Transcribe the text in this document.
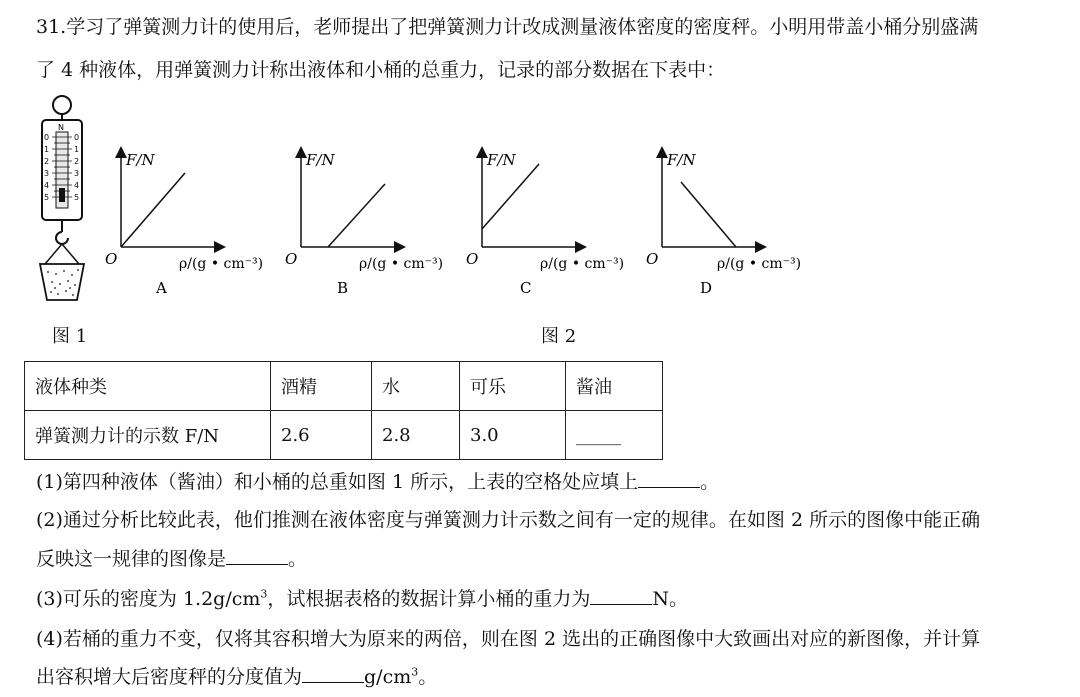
31.学习了弹簧测力计的使用后，老师提出了把弹簧测力计改成测量液体密度的密度秤。小明用带盖小桶分别盛满
了 4 种液体，用弹簧测力计称出液体和小桶的总重力，记录的部分数据在下表中：
N
0	0
1	1
2	2
3	3
4	4
5	5
F/N
O	ρ/(g • cm⁻³)
A
F/N
O	ρ/(g • cm⁻³)
B
F/N
O	ρ/(g • cm⁻³)
C
F/N
O	ρ/(g • cm⁻³)
D
图 1	图 2
液体种类	酒精	水	可乐	酱油
弹簧测力计的示数 F/N	2.6	2.8	3.0	_____
(1)第四种液体（酱油）和小桶的总重如图 1 所示，上表的空格处应填上	。
(2)通过分析比较此表，他们推测在液体密度与弹簧测力计示数之间有一定的规律。在如图 2 所示的图像中能正确
反映这一规律的图像是	。
(3)可乐的密度为 $1.2g/cm^3$，试根据表格的数据计算小桶的重力为	N。
(4)若桶的重力不变，仅将其容积增大为原来的两倍，则在图 2 选出的正确图像中大致画出对应的新图像，并计算
出容积增大后密度秤的分度值为	$g/cm^3$。
